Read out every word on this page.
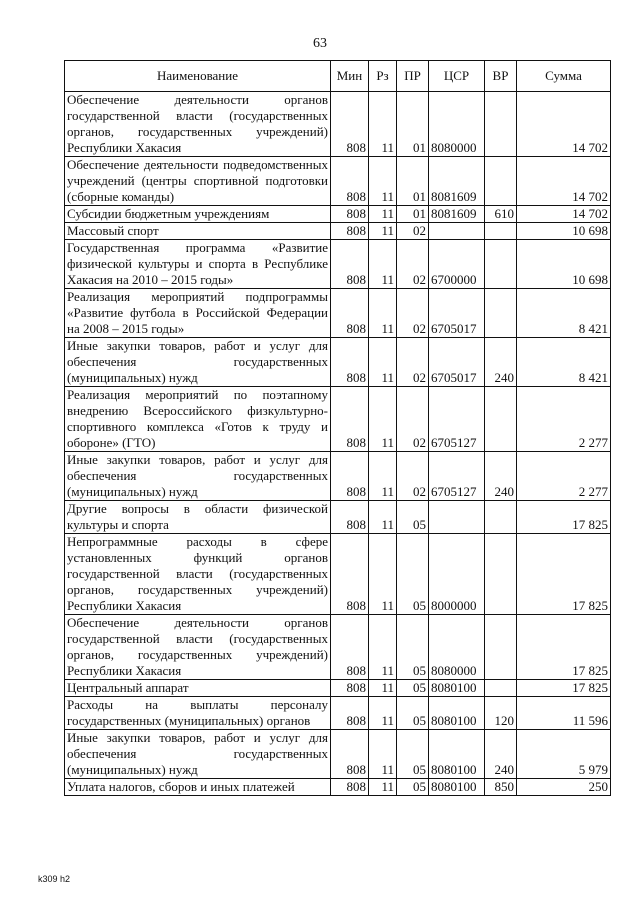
63
Наименование	Мин	Рз	ПР	ЦСР	ВР	Сумма
Обеспечение деятельности органов государственной власти (государственных органов, государственных учреждений) Республики Хакасия	808	11	01	8080000		14 702
Обеспечение деятельности подведомственных учреждений (центры спортивной подготовки (сборные команды)	808	11	01	8081609		14 702
Субсидии бюджетным учреждениям	808	11	01	8081609	610	14 702
Массовый спорт	808	11	02			10 698
Государственная программа «Развитие физической культуры и спорта в Республике Хакасия на 2010 – 2015 годы»	808	11	02	6700000		10 698
Реализация мероприятий подпрограммы «Развитие футбола в Российской Федерации на 2008 – 2015 годы»	808	11	02	6705017		8 421
Иные закупки товаров, работ и услуг для обеспечения государственных (муниципальных) нужд	808	11	02	6705017	240	8 421
Реализация мероприятий по поэтапному внедрению Всероссийского физкультурно-спортивного комплекса «Готов к труду и обороне» (ГТО)	808	11	02	6705127		2 277
Иные закупки товаров, работ и услуг для обеспечения государственных (муниципальных) нужд	808	11	02	6705127	240	2 277
Другие вопросы в области физической культуры и спорта	808	11	05			17 825
Непрограммные расходы в сфере установленных функций органов государственной власти (государственных органов, государственных учреждений) Республики Хакасия	808	11	05	8000000		17 825
Обеспечение деятельности органов государственной власти (государственных органов, государственных учреждений) Республики Хакасия	808	11	05	8080000		17 825
Центральный аппарат	808	11	05	8080100		17 825
Расходы на выплаты персоналу государственных (муниципальных) органов	808	11	05	8080100	120	11 596
Иные закупки товаров, работ и услуг для обеспечения государственных (муниципальных) нужд	808	11	05	8080100	240	5 979
Уплата налогов, сборов и иных платежей	808	11	05	8080100	850	250
k309 h2
